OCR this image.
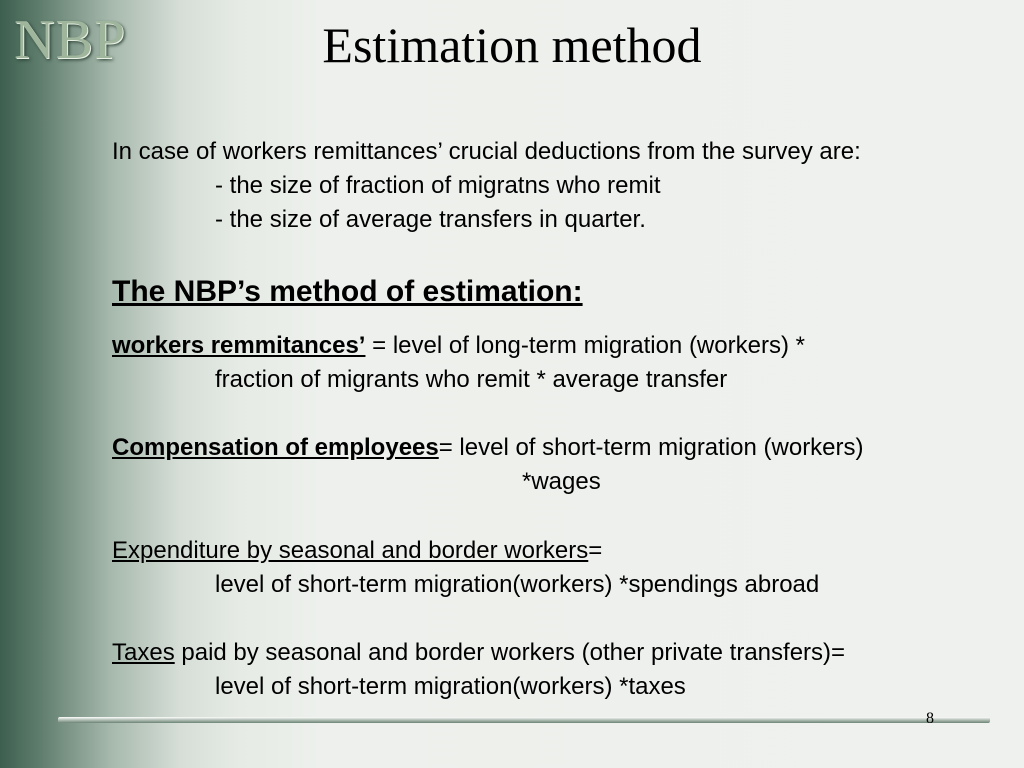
NBP	Estimation method
In case of workers remittances’ crucial deductions from the survey are:
- the size of fraction of migratns who remit
- the size of average transfers in quarter.
The NBP’s method of estimation:
workers remmitances’ = level of long-term migration (workers) *
fraction of migrants who remit * average transfer
Compensation of employees= level of short-term migration (workers)
*wages
Expenditure by seasonal and border workers=
level of short-term migration(workers) *spendings abroad
Taxes paid by seasonal and border workers (other private transfers)=
level of short-term migration(workers) *taxes
8
